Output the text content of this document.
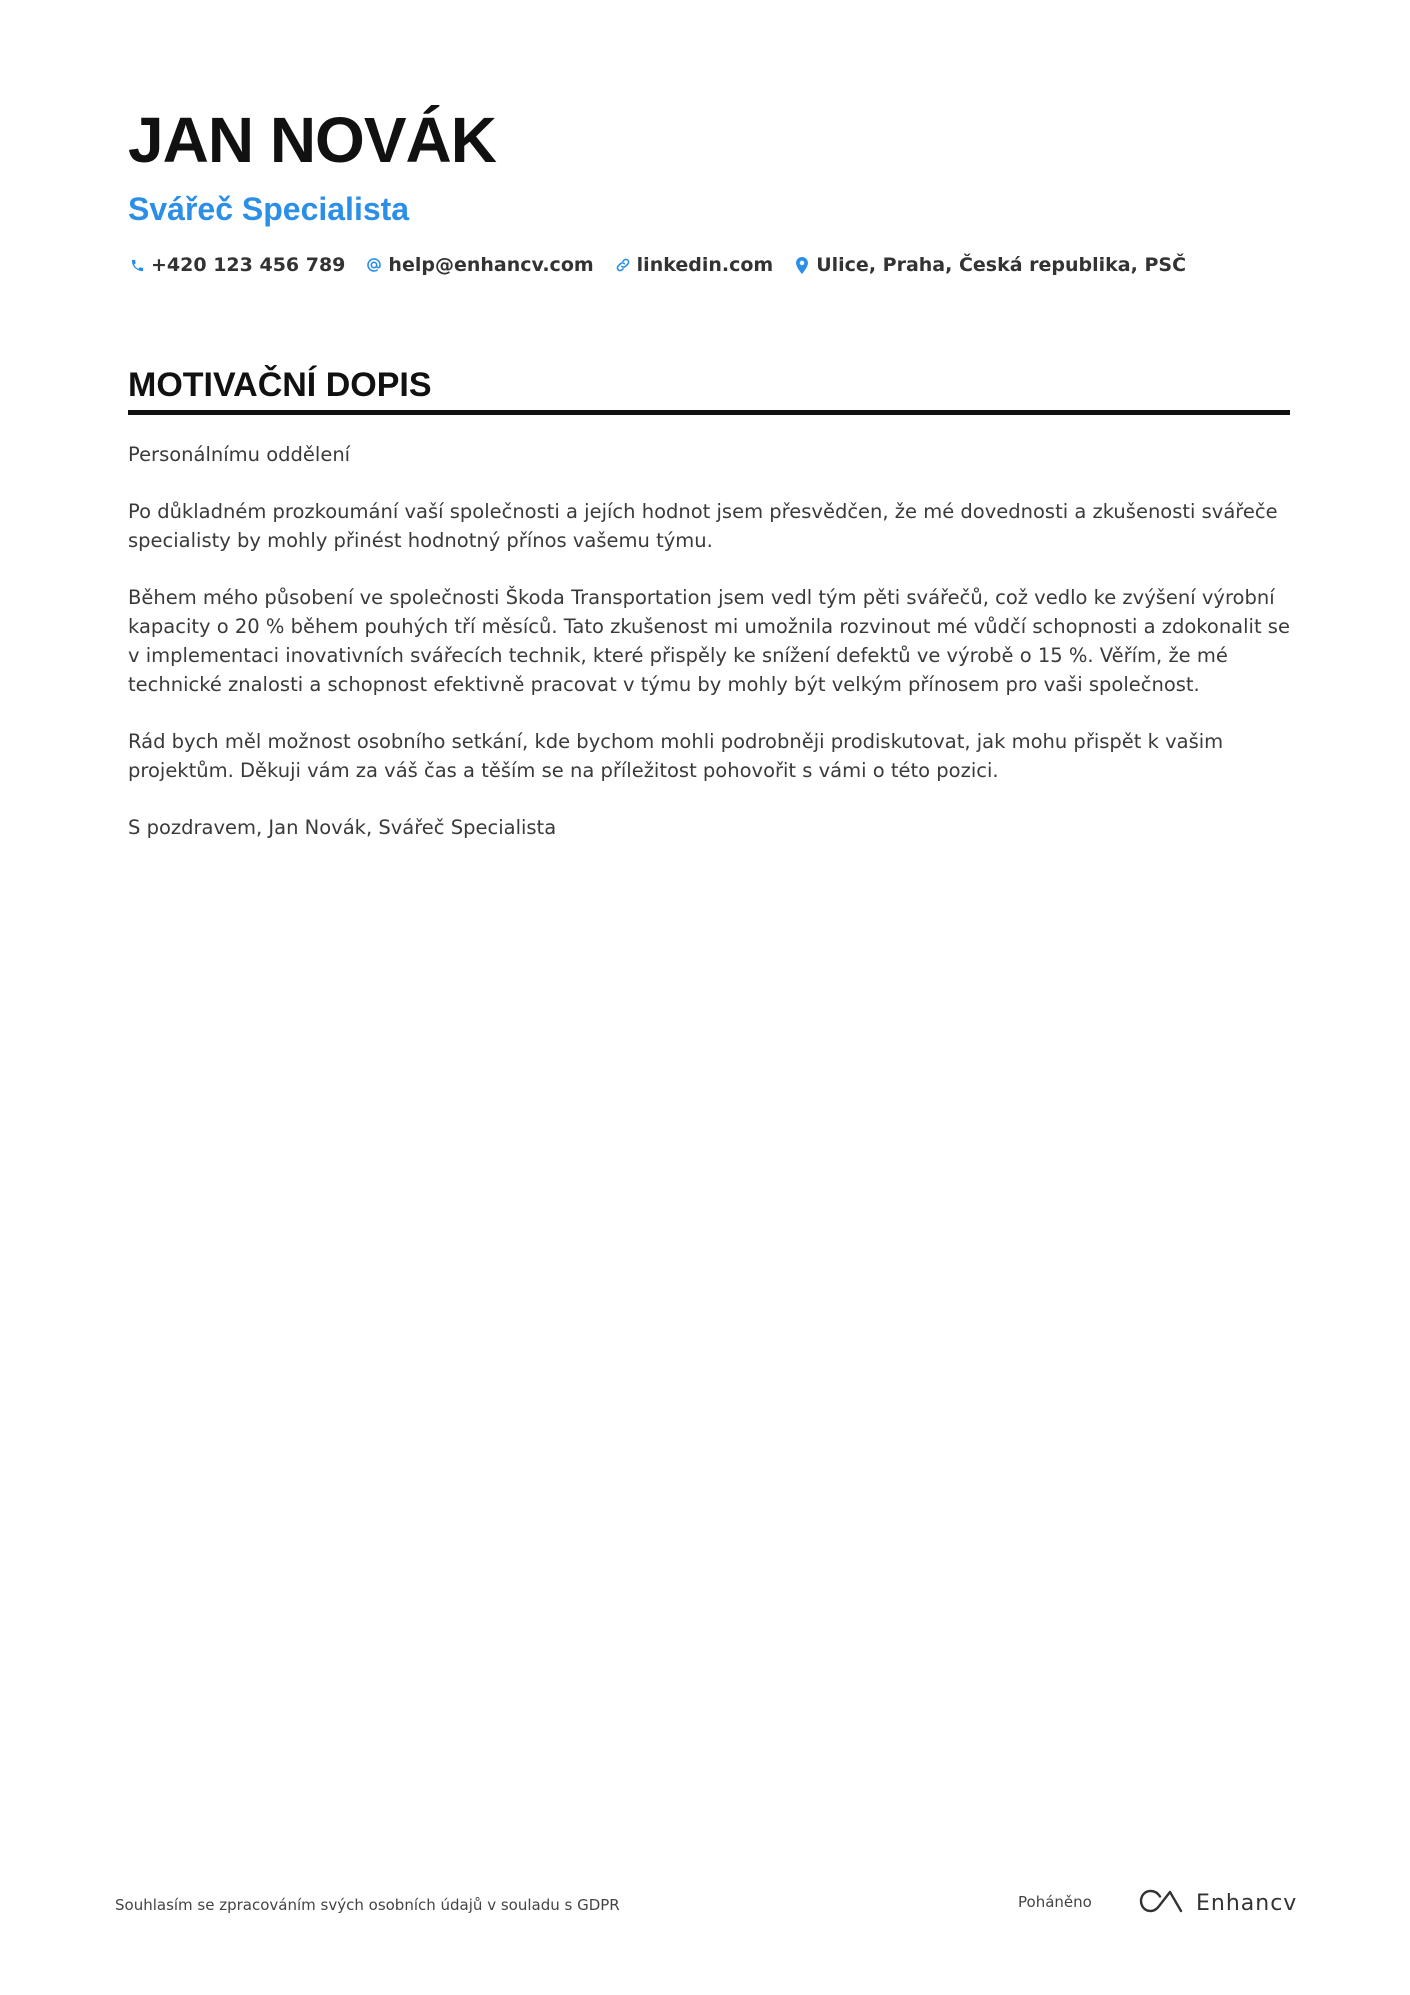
JAN NOVÁK
Svářeč Specialista
+420 123 456 789 help@enhancv.com linkedin.com Ulice, Praha, Česká republika, PSČ
MOTIVAČNÍ DOPIS

Personálnímu oddělení

Po důkladném prozkoumání vaší společnosti a jejích hodnot jsem přesvědčen, že mé dovednosti a zkušenosti svářeče specialisty by mohly přinést hodnotný přínos vašemu týmu.

Během mého působení ve společnosti Škoda Transportation jsem vedl tým pěti svářečů, což vedlo ke zvýšení výrobní kapacity o 20 % během pouhých tří měsíců. Tato zkušenost mi umožnila rozvinout mé vůdčí schopnosti a zdokonalit se v implementaci inovativních svářecích technik, které přispěly ke snížení defektů ve výrobě o 15 %. Věřím, že mé technické znalosti a schopnost efektivně pracovat v týmu by mohly být velkým přínosem pro vaši společnost.

Rád bych měl možnost osobního setkání, kde bychom mohli podrobněji prodiskutovat, jak mohu přispět k vašim projektům. Děkuji vám za váš čas a těším se na příležitost pohovořit s vámi o této pozici.

S pozdravem, Jan Novák, Svářeč Specialista

Souhlasím se zpracováním svých osobních údajů v souladu s GDPR	Poháněno	Enhancv
